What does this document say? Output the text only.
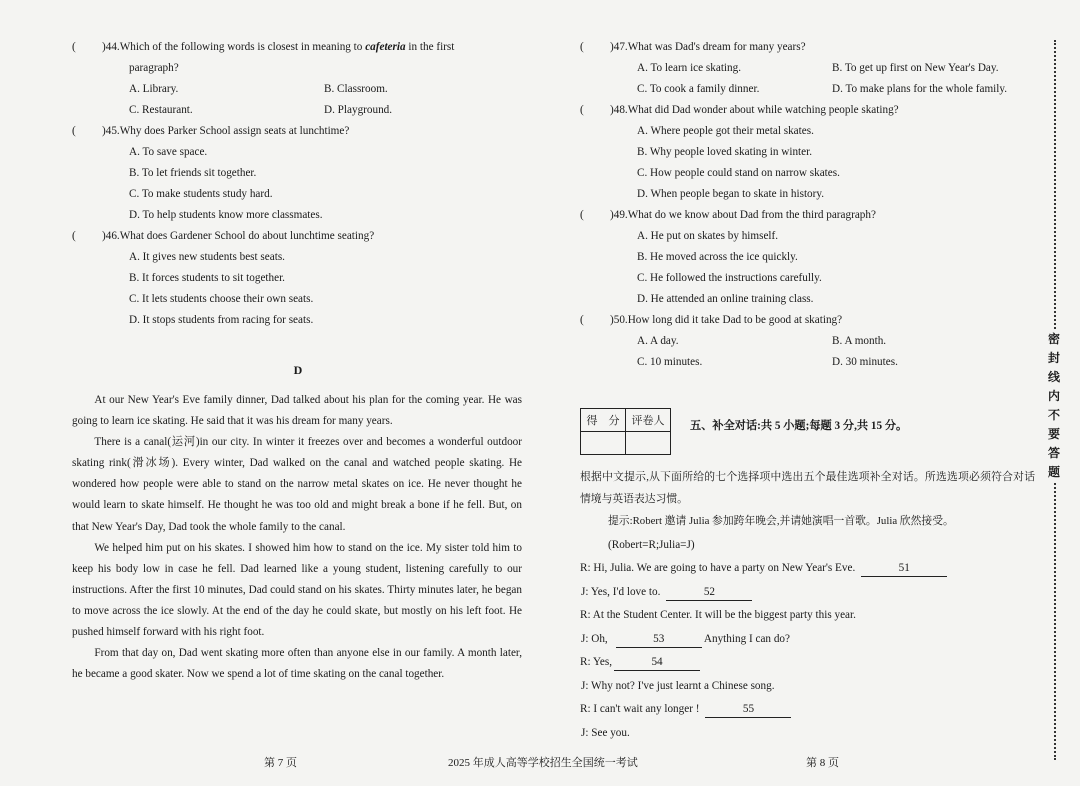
( )44.Which of the following words is closest in meaning to cafeteria in the first
paragraph?
A. Library.	B. Classroom.
C. Restaurant.	D. Playground.
( )45.Why does Parker School assign seats at lunchtime?
A. To save space.
B. To let friends sit together.
C. To make students study hard.
D. To help students know more classmates.
( )46.What does Gardener School do about lunchtime seating?
A. It gives new students best seats.
B. It forces students to sit together.
C. It lets students choose their own seats.
D. It stops students from racing for seats.
D
At our New Year's Eve family dinner, Dad talked about his plan for the coming year. He was going to learn ice skating. He said that it was his dream for many years.
There is a canal(运河)in our city. In winter it freezes over and becomes a wonderful outdoor skating rink(滑冰场). Every winter, Dad walked on the canal and watched people skating. He wondered how people were able to stand on the narrow metal skates on ice. He never thought he would learn to skate himself. He thought he was too old and might break a bone if he fell. But, on that New Year's Day, Dad took the whole family to the canal.
We helped him put on his skates. I showed him how to stand on the ice. My sister told him to keep his body low in case he fell. Dad learned like a young student, listening carefully to our instructions. After the first 10 minutes, Dad could stand on his skates. Thirty minutes later, he began to move across the ice slowly. At the end of the day he could skate, but mostly on his left foot. He pushed himself forward with his right foot.
From that day on, Dad went skating more often than anyone else in our family. A month later, he became a good skater. Now we spend a lot of time skating on the canal together.
( )47.What was Dad's dream for many years?
A. To learn ice skating.	B. To get up first on New Year's Day.
C. To cook a family dinner.	D. To make plans for the whole family.
( )48.What did Dad wonder about while watching people skating?
A. Where people got their metal skates.
B. Why people loved skating in winter.
C. How people could stand on narrow skates.
D. When people began to skate in history.
( )49.What do we know about Dad from the third paragraph?
A. He put on skates by himself.
B. He moved across the ice quickly.
C. He followed the instructions carefully.
D. He attended an online training class.
( )50.How long did it take Dad to be good at skating?
A. A day.	B. A month.
C. 10 minutes.	D. 30 minutes.
得　分	评卷人
	五、补全对话:共 5 小题;每题 3 分,共 15 分。
根据中文提示,从下面所给的七个选择项中选出五个最佳选项补全对话。所选选项必须符合对话情境与英语表达习惯。
提示:Robert 邀请 Julia 参加跨年晚会,并请她演唱一首歌。Julia 欣然接受。
(Robert=R;Julia=J)
R: Hi, Julia. We are going to have a party on New Year's Eve.	51
J: Yes, I'd love to.	52
R: At the Student Center. It will be the biggest party this year.
J: Oh,	53	Anything I can do?
R: Yes,	54
J: Why not? I've just learnt a Chinese song.
R: I can't wait any longer !	55
J: See you.
密封线内不要答题
第 7 页	2025 年成人高等学校招生全国统一考试	第 8 页
